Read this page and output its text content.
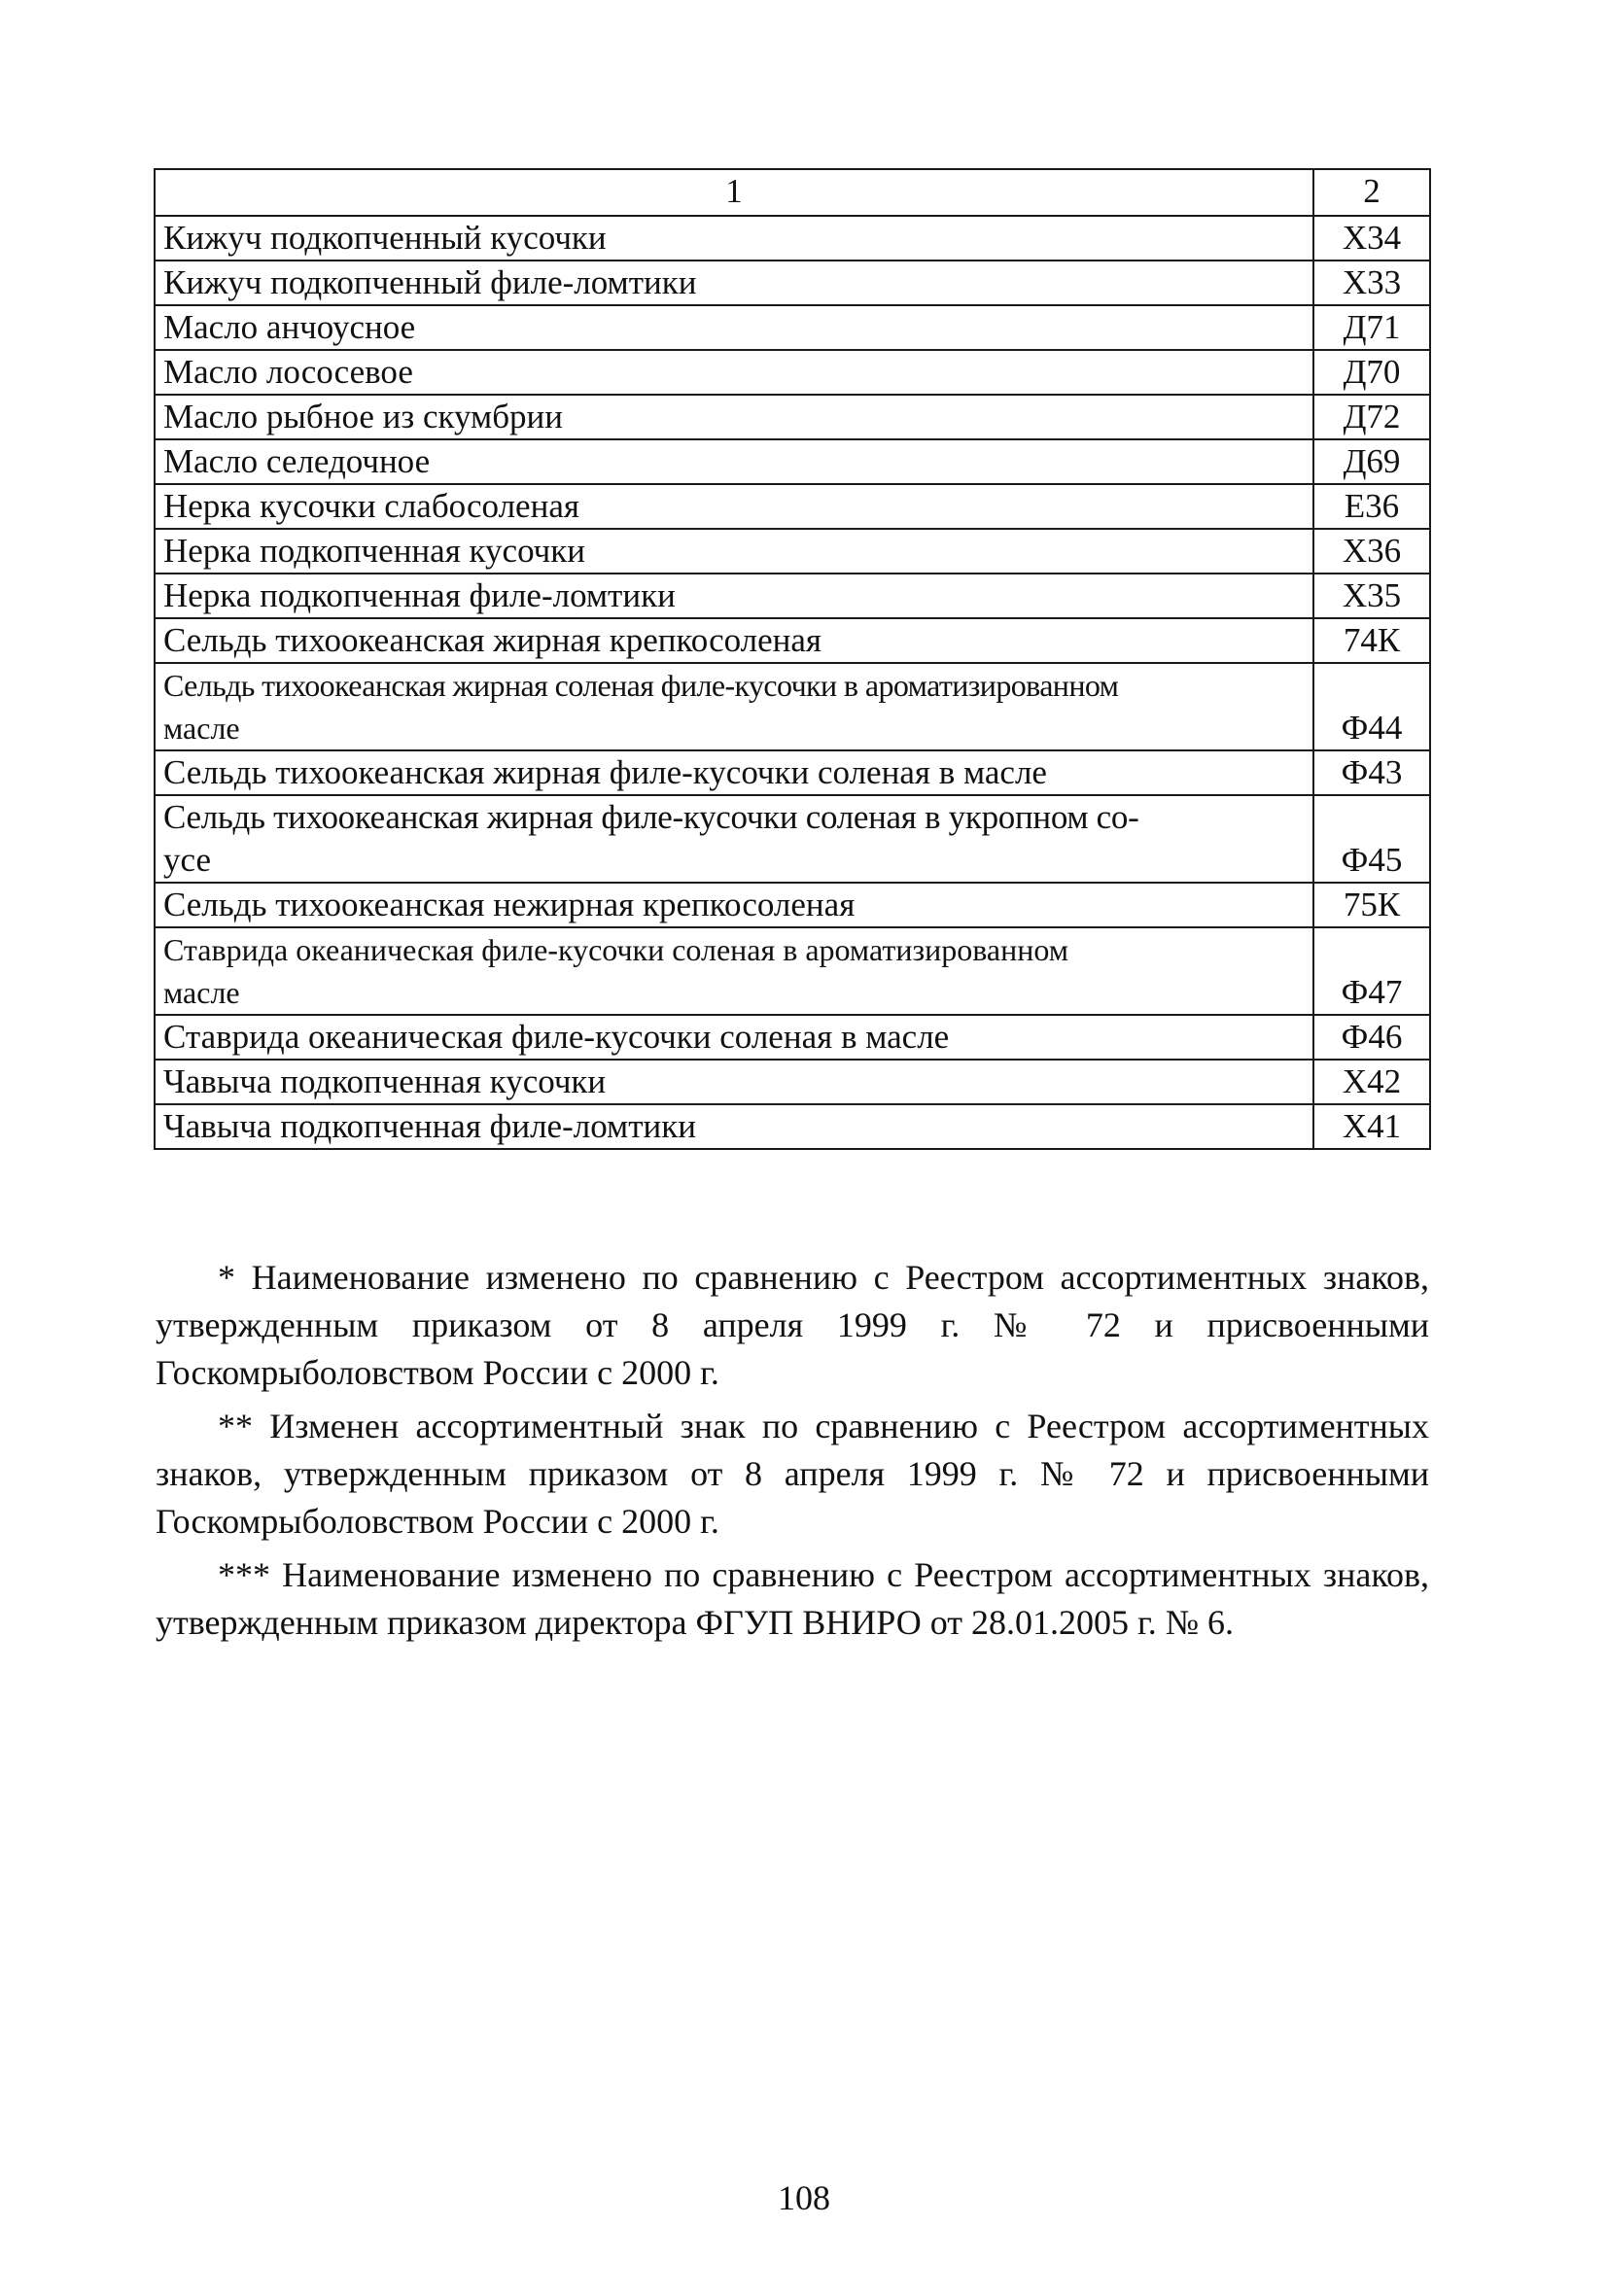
1	2
Кижуч подкопченный кусочки	Х34
Кижуч подкопченный филе-ломтики	Х33
Масло анчоусное	Д71
Масло лососевое	Д70
Масло рыбное из скумбрии	Д72
Масло селедочное	Д69
Нерка кусочки слабосоленая	Е36
Нерка подкопченная кусочки	Х36
Нерка подкопченная филе-ломтики	Х35
Сельдь тихоокеанская жирная крепкосоленая	74К

Сельдь тихоокеанская жирная соленая филе-кусочки в ароматизированном
масле	Ф44
Сельдь тихоокеанская жирная филе-кусочки соленая в масле	Ф43

Сельдь тихоокеанская жирная филе-кусочки соленая в укропном со-
усе	Ф45
Сельдь тихоокеанская нежирная крепкосоленая	75К

Ставрида океаническая филе-кусочки соленая в ароматизированном
масле	Ф47
Ставрида океаническая филе-кусочки соленая в масле	Ф46
Чавыча подкопченная кусочки	Х42
Чавыча подкопченная филе-ломтики	Х41

* Наименование изменено по сравнению с Реестром ассортиментных знаков, утвержденным приказом от 8 апреля 1999 г. № 72 и присвоенными Госкомрыболовством России с 2000 г.

** Изменен ассортиментный знак по сравнению с Реестром ассортиментных знаков, утвержденным приказом от 8 апреля 1999 г. № 72 и присвоенными Госкомрыболовством России с 2000 г.

*** Наименование изменено по сравнению с Реестром ассортиментных знаков, утвержденным приказом директора ФГУП ВНИРО от 28.01.2005 г. № 6.

108
